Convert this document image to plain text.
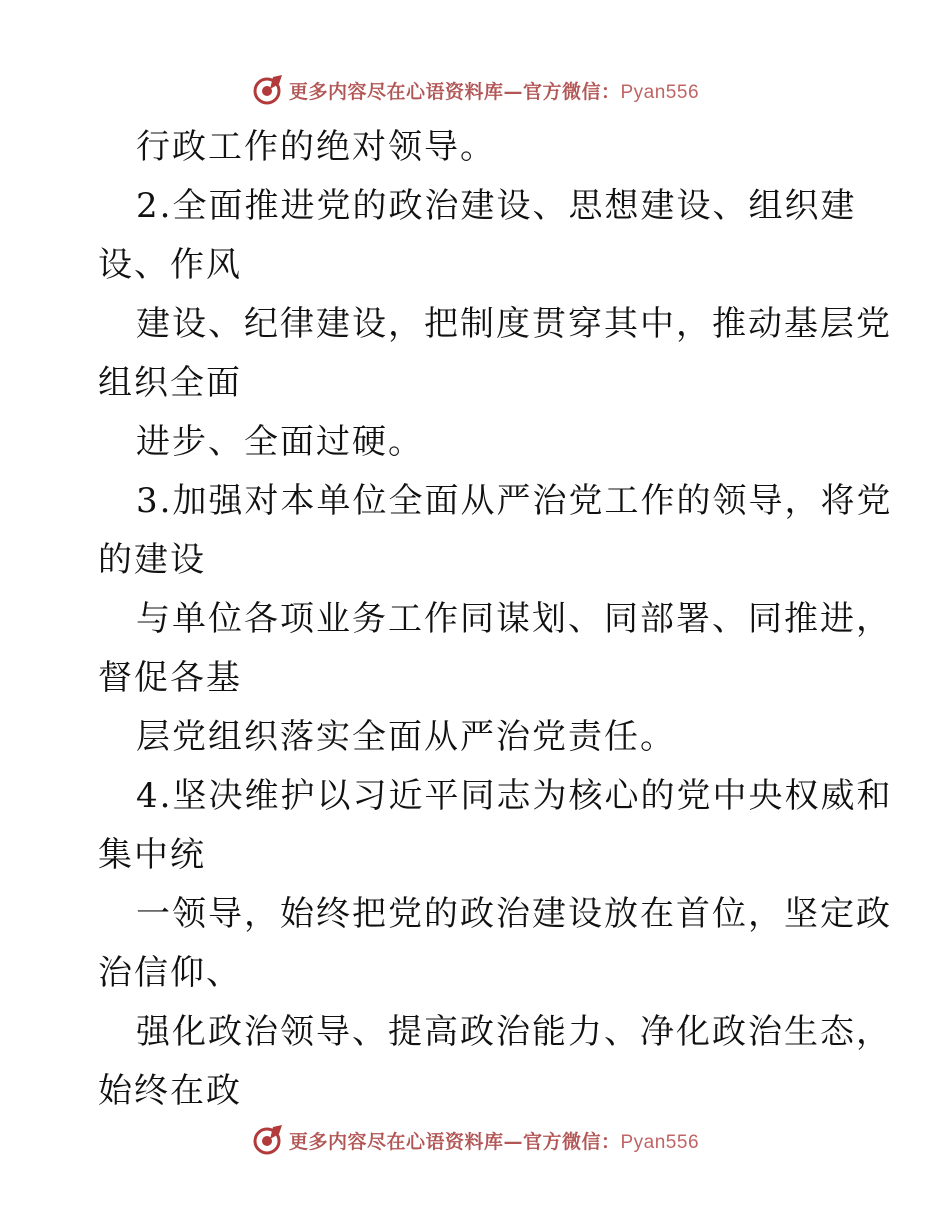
更多内容尽在心语资料库—官方微信：Pyan556
行政工作的绝对领导。
2.全面推进党的政治建设、思想建设、组织建
设、作风
建设、纪律建设，把制度贯穿其中，推动基层党
组织全面
进步、全面过硬。
3.加强对本单位全面从严治党工作的领导，将党
的建设
与单位各项业务工作同谋划、同部署、同推进，
督促各基
层党组织落实全面从严治党责任。
4.坚决维护以习近平同志为核心的党中央权威和
集中统
一领导，始终把党的政治建设放在首位，坚定政
治信仰、
强化政治领导、提高政治能力、净化政治生态，
始终在政
更多内容尽在心语资料库—官方微信：Pyan556
